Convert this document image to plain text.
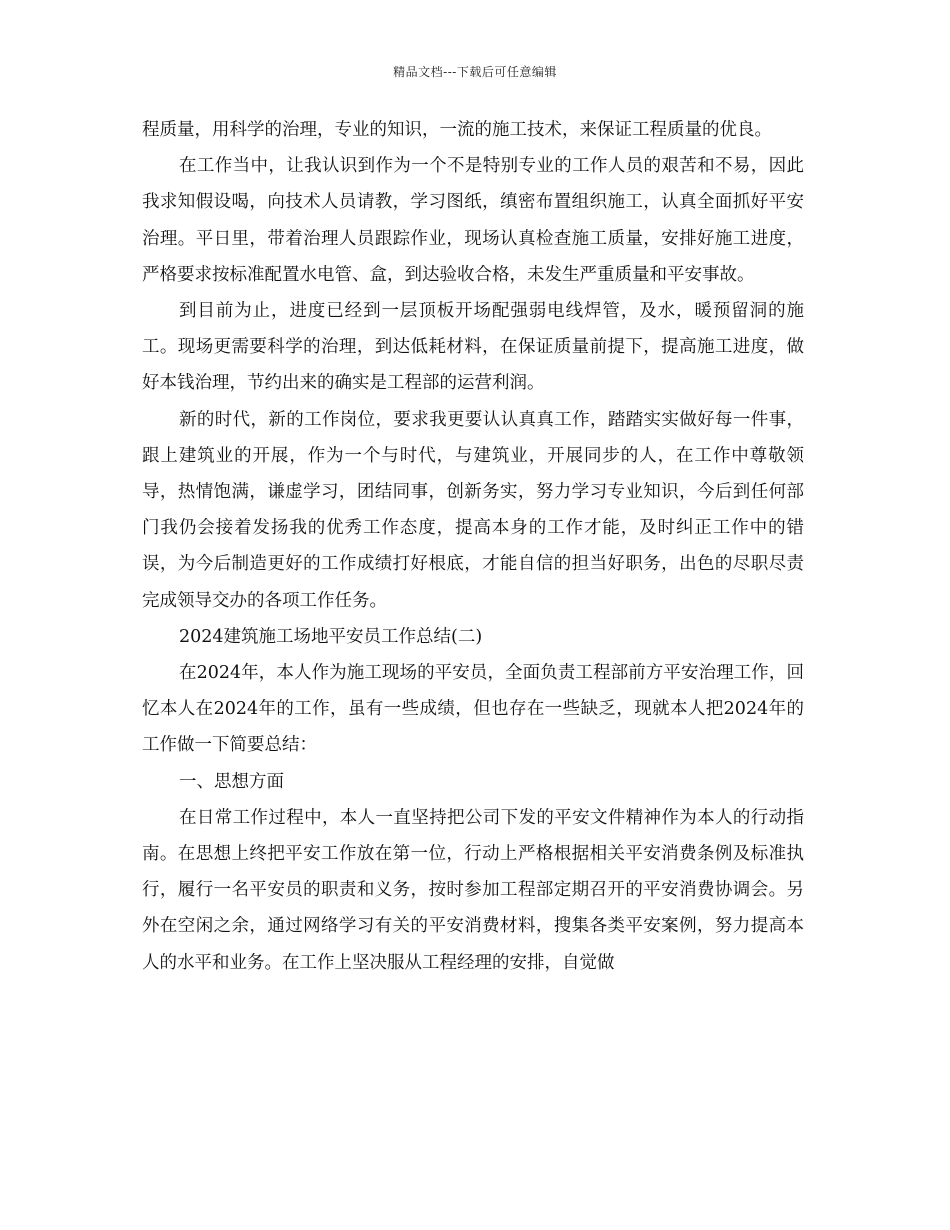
精品文档---下载后可任意编辑

程质量，用科学的治理，专业的知识，一流的施工技术，来保证工程质量的优良。

在工作当中，让我认识到作为一个不是特别专业的工作人员的艰苦和不易，因此我求知假设喝，向技术人员请教，学习图纸，缜密布置组织施工，认真全面抓好平安治理。平日里，带着治理人员跟踪作业，现场认真检查施工质量，安排好施工进度，严格要求按标准配置水电管、盒，到达验收合格，未发生严重质量和平安事故。

到目前为止，进度已经到一层顶板开场配强弱电线焊管，及水，暖预留洞的施工。现场更需要科学的治理，到达低耗材料，在保证质量前提下，提高施工进度，做好本钱治理，节约出来的确实是工程部的运营利润。

新的时代，新的工作岗位，要求我更要认认真真工作，踏踏实实做好每一件事，跟上建筑业的开展，作为一个与时代，与建筑业，开展同步的人，在工作中尊敬领导，热情饱满，谦虚学习，团结同事，创新务实，努力学习专业知识，今后到任何部门我仍会接着发扬我的优秀工作态度，提高本身的工作才能，及时纠正工作中的错误，为今后制造更好的工作成绩打好根底，才能自信的担当好职务，出色的尽职尽责完成领导交办的各项工作任务。

2024建筑施工场地平安员工作总结(二)

在2024年，本人作为施工现场的平安员，全面负责工程部前方平安治理工作，回忆本人在2024年的工作，虽有一些成绩，但也存在一些缺乏，现就本人把2024年的工作做一下简要总结：

一、思想方面

在日常工作过程中，本人一直坚持把公司下发的平安文件精神作为本人的行动指南。在思想上终把平安工作放在第一位，行动上严格根据相关平安消费条例及标准执行，履行一名平安员的职责和义务，按时参加工程部定期召开的平安消费协调会。另外在空闲之余，通过网络学习有关的平安消费材料，搜集各类平安案例，努力提高本人的水平和业务。在工作上坚决服从工程经理的安排，自觉做
